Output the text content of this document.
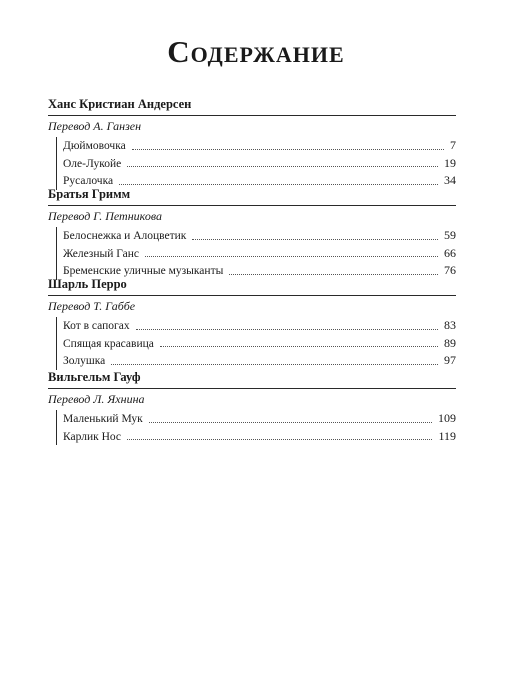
Содержание
Ханс Кристиан Андерсен
Перевод А. Ганзен
Дюймовочка	7
Оле-Лукойе	19
Русалочка	34
Братья Гримм
Перевод Г. Петникова
Белоснежка и Алоцветик	59
Железный Ганс	66
Бременские уличные музыканты	76
Шарль Перро
Перевод Т. Габбе
Кот в сапогах	83
Спящая красавица	89
Золушка	97
Вильгельм Гауф
Перевод Л. Яхнина
Маленький Мук	109
Карлик Нос	119
